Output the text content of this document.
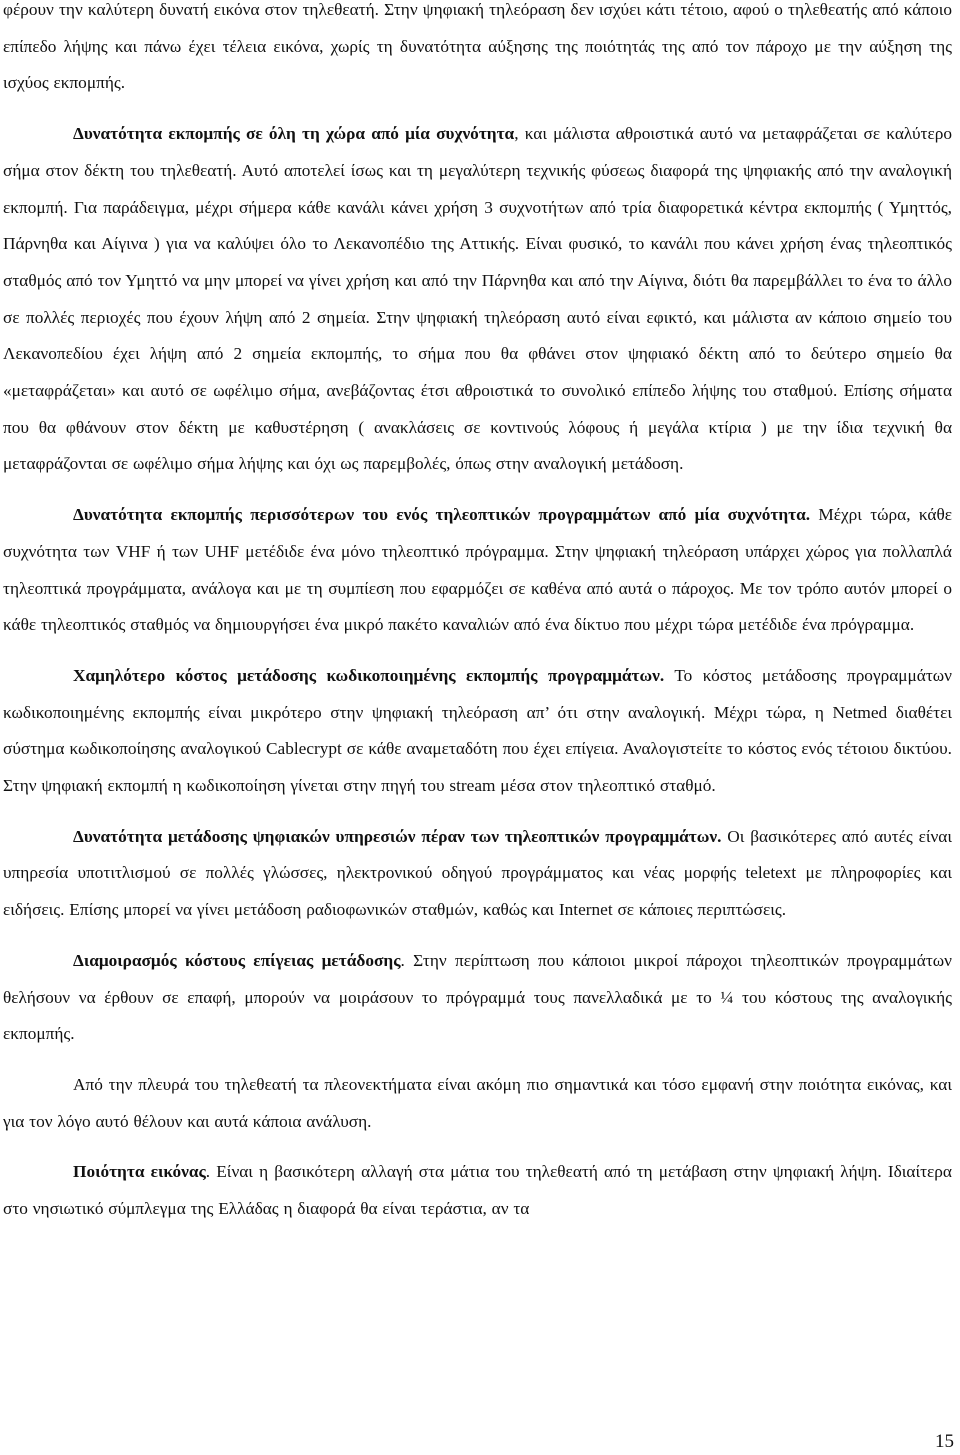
φέρουν την καλύτερη δυνατή εικόνα στον τηλεθεατή. Στην ψηφιακή τηλεόραση δεν ισχύει κάτι τέτοιο, αφού ο τηλεθεατής από κάποιο επίπεδο λήψης και πάνω έχει τέλεια εικόνα, χωρίς τη δυνατότητα αύξησης της ποιότητάς της από τον πάροχο με την αύξηση της ισχύος εκπομπής.

Δυνατότητα εκπομπής σε όλη τη χώρα από μία συχνότητα, και μάλιστα αθροιστικά αυτό να μεταφράζεται σε καλύτερο σήμα στον δέκτη του τηλεθεατή. Αυτό αποτελεί ίσως και τη μεγαλύτερη τεχνικής φύσεως διαφορά της ψηφιακής από την αναλογική εκπομπή. Για παράδειγμα, μέχρι σήμερα κάθε κανάλι κάνει χρήση 3 συχνοτήτων από τρία διαφορετικά κέντρα εκπομπής ( Υμηττός, Πάρνηθα και Αίγινα ) για να καλύψει όλο το Λεκανοπέδιο της Αττικής. Είναι φυσικό, το κανάλι που κάνει χρήση ένας τηλεοπτικός σταθμός από τον Υμηττό να μην μπορεί να γίνει χρήση και από την Πάρνηθα και από την Αίγινα, διότι θα παρεμβάλλει το ένα το άλλο σε πολλές περιοχές που έχουν λήψη από 2 σημεία. Στην ψηφιακή τηλεόραση αυτό είναι εφικτό, και μάλιστα αν κάποιο σημείο του Λεκανοπεδίου έχει λήψη από 2 σημεία εκπομπής, το σήμα που θα φθάνει στον ψηφιακό δέκτη από το δεύτερο σημείο θα «μεταφράζεται» και αυτό σε ωφέλιμο σήμα, ανεβάζοντας έτσι αθροιστικά το συνολικό επίπεδο λήψης του σταθμού. Επίσης σήματα που θα φθάνουν στον δέκτη με καθυστέρηση ( ανακλάσεις σε κοντινούς λόφους ή μεγάλα κτίρια ) με την ίδια τεχνική θα μεταφράζονται σε ωφέλιμο σήμα λήψης και όχι ως παρεμβολές, όπως στην αναλογική μετάδοση.

Δυνατότητα εκπομπής περισσότερων του ενός τηλεοπτικών προγραμμάτων από μία συχνότητα. Μέχρι τώρα, κάθε συχνότητα των VHF ή των UHF μετέδιδε ένα μόνο τηλεοπτικό πρόγραμμα. Στην ψηφιακή τηλεόραση υπάρχει χώρος για πολλαπλά τηλεοπτικά προγράμματα, ανάλογα και με τη συμπίεση που εφαρμόζει σε καθένα από αυτά ο πάροχος. Με τον τρόπο αυτόν μπορεί ο κάθε τηλεοπτικός σταθμός να δημιουργήσει ένα μικρό πακέτο καναλιών από ένα δίκτυο που μέχρι τώρα μετέδιδε ένα πρόγραμμα.

Χαμηλότερο κόστος μετάδοσης κωδικοποιημένης εκπομπής προγραμμάτων. Το κόστος μετάδοσης προγραμμάτων κωδικοποιημένης εκπομπής είναι μικρότερο στην ψηφιακή τηλεόραση απ’ ότι στην αναλογική. Μέχρι τώρα, η Netmed διαθέτει σύστημα κωδικοποίησης αναλογικού Cablecrypt σε κάθε αναμεταδότη που έχει επίγεια. Αναλογιστείτε το κόστος ενός τέτοιου δικτύου. Στην ψηφιακή εκπομπή η κωδικοποίηση γίνεται στην πηγή του stream μέσα στον τηλεοπτικό σταθμό.

Δυνατότητα μετάδοσης ψηφιακών υπηρεσιών πέραν των τηλεοπτικών προγραμμάτων. Οι βασικότερες από αυτές είναι υπηρεσία υποτιτλισμού σε πολλές γλώσσες, ηλεκτρονικού οδηγού προγράμματος και νέας μορφής teletext με πληροφορίες και ειδήσεις. Επίσης μπορεί να γίνει μετάδοση ραδιοφωνικών σταθμών, καθώς και Internet σε κάποιες περιπτώσεις.

Διαμοιρασμός κόστους επίγειας μετάδοσης. Στην περίπτωση που κάποιοι μικροί πάροχοι τηλεοπτικών προγραμμάτων θελήσουν να έρθουν σε επαφή, μπορούν να μοιράσουν το πρόγραμμά τους πανελλαδικά με το ¼ του κόστους της αναλογικής εκπομπής.

Από την πλευρά του τηλεθεατή τα πλεονεκτήματα είναι ακόμη πιο σημαντικά και τόσο εμφανή στην ποιότητα εικόνας, και για τον λόγο αυτό θέλουν και αυτά κάποια ανάλυση.

Ποιότητα εικόνας. Είναι η βασικότερη αλλαγή στα μάτια του τηλεθεατή από τη μετάβαση στην ψηφιακή λήψη. Ιδιαίτερα στο νησιωτικό σύμπλεγμα της Ελλάδας η διαφορά θα είναι τεράστια, αν τα

15
